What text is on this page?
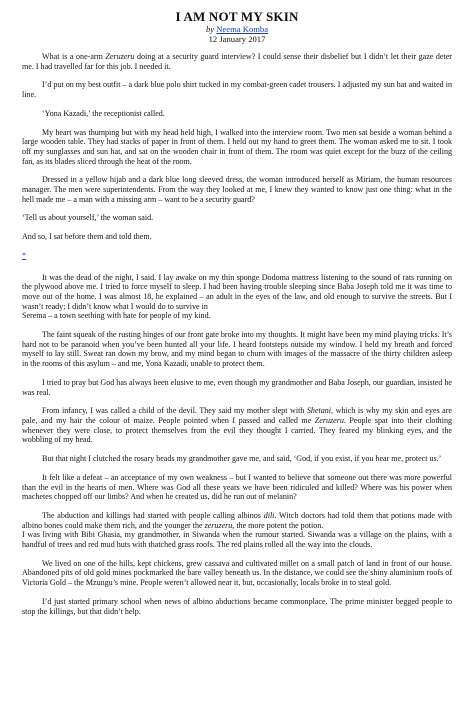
I AM NOT MY SKIN
by Neema Komba
12 January 2017

What is a one-arm Zeruzeru doing at a security guard interview? I could sense their disbelief but I didn’t let their gaze deter me. I had travelled far for this job. I needed it.

I’d put on my best outfit – a dark blue polo shirt tucked in my combat-green cadet trousers. I adjusted my sun hat and waited in line.

‘Yona Kazadi,’ the receptionist called.

My heart was thumping but with my head held high, I walked into the interview room. Two men sat beside a woman behind a large wooden table. They had stacks of paper in front of them. I held out my hand to greet them. The woman asked me to sit. I took off my sunglasses and sun hat, and sat on the wooden chair in front of them. The room was quiet except for the buzz of the ceiling fan, as its blades sliced through the heat of the room.

Dressed in a yellow hijab and a dark blue long sleeved dress, the woman introduced herself as Miriam, the human resources manager. The men were superintendents. From the way they looked at me, I knew they wanted to know just one thing: what in the hell made me – a man with a missing arm – want to be a security guard?

‘Tell us about yourself,’ the woman said.

And so, I sat before them and told them.

*

It was the dead of the night, I said. I lay awake on my thin sponge Dodoma mattress listening to the sound of rats running on the plywood above me. I tried to force myself to sleep. I had been having trouble sleeping since Baba Joseph told me it was time to move out of the home. I was almost 18, he explained – an adult in the eyes of the law, and old enough to survive the streets. But I wasn’t ready; I didn’t know what I would do to survive in

Serema – a town seething with hate for people of my kind.

The faint squeak of the rusting hinges of our front gate broke into my thoughts. It might have been my mind playing tricks. It’s hard not to be paranoid when you’ve been hunted all your life. I heard footsteps outside my window. I held my breath and forced myself to lay still. Sweat ran down my brow, and my mind began to churn with images of the massacre of the thirty children asleep in the rooms of this asylum – and me, Yona Kazadi, unable to protect them.

I tried to pray but God has always been elusive to me, even though my grandmother and Baba Joseph, our guardian, insisted he was real.

From infancy, I was called a child of the devil. They said my mother slept with Shetani, which is why my skin and eyes are pale, and my hair the colour of maize. People pointed when I passed and called me Zeruzeru. People spat into their clothing whenever they were close, to protect themselves from the evil they thought I carried. They feared my blinking eyes, and the wobbling of my head.

But that night I clutched the rosary beads my grandmother gave me, and said, ‘God, if you exist, if you hear me, protect us.’

It felt like a defeat – an acceptance of my own weakness – but I wanted to believe that someone out there was more powerful than the evil in the hearts of men. Where was God all these years we have been ridiculed and killed? Where was his power when machetes chopped off our limbs? And when he created us, did he run out of melanin?

The abduction and killings had started with people calling albinos dili. Witch doctors had told them that potions made with albino bones could make them rich, and the younger the zeruzeru, the more potent the potion.

I was living with Bibi Ghasia, my grandmother, in Siwanda when the rumour started. Siwanda was a village on the plains, with a handful of trees and red mud huts with thatched grass roofs. The red plains rolled all the way into the clouds.

We lived on one of the hills, kept chickens, grew cassava and cultivated millet on a small patch of land in front of our house. Abandoned pits of old gold mines pockmarked the bare valley beneath us. In the distance, we could see the shiny aluminium roofs of Victoria Gold – the Mzungu’s mine. People weren’t allowed near it, but, occasionally, locals broke in to steal gold.

I’d just started primary school when news of albino abductions became commonplace. The prime minister begged people to stop the killings, but that didn’t help.
